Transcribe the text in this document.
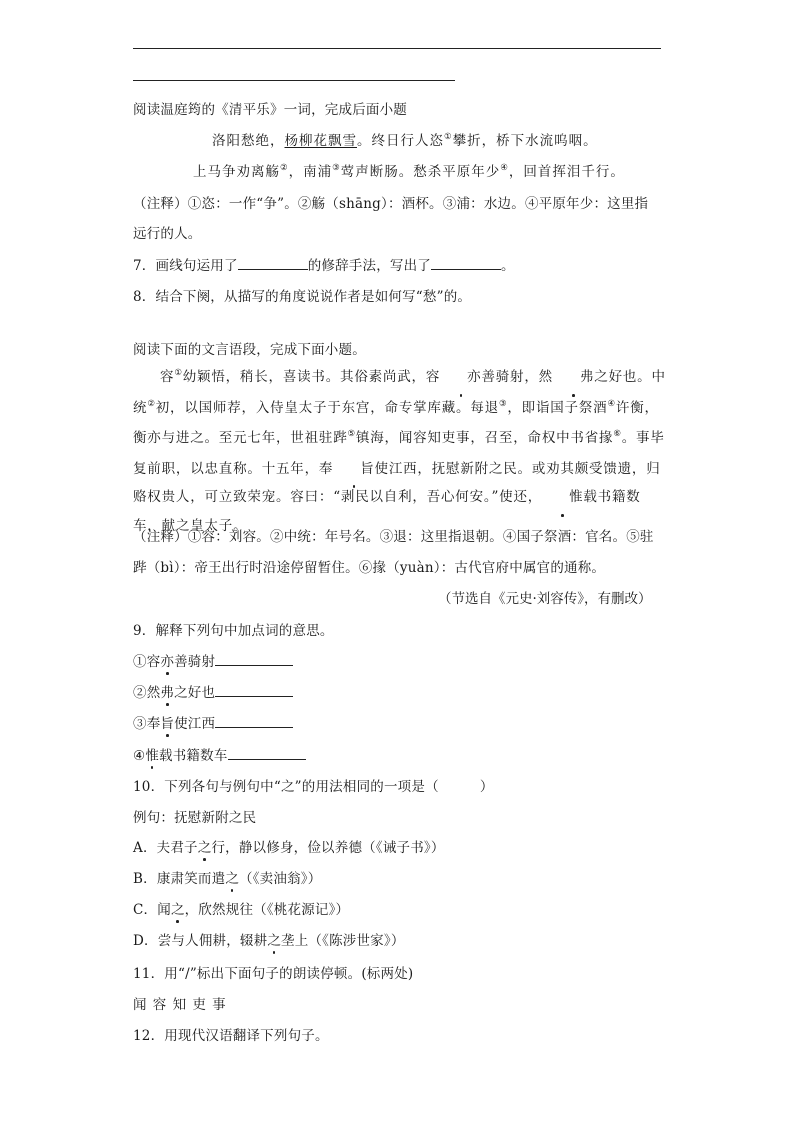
阅读温庭筠的《清平乐》一词，完成后面小题
洛阳愁绝，杨柳花飘雪。终日行人恣①攀折，桥下水流呜咽。
上马争劝离觞②，南浦③莺声断肠。愁杀平原年少④，回首挥泪千行。
（注释）①恣：一作“争”。②觞（shāng）：酒杯。③浦：水边。④平原年少：这里指
远行的人。
7．画线句运用了	的修辞手法，写出了	。
8．结合下阕，从描写的角度说说作者是如何写“愁”的。
阅读下面的文言语段，完成下面小题。

容①幼颖悟，稍长，喜读书。其俗素尚武，容 亦善骑射，然 弗之好也。中统②初，以国师荐，入侍皇太子于东宫，命专掌库藏。每退③，即诣国子祭酒④许衡，衡亦与进之。至元七年，世祖驻跸⑤镇海，闻容知吏事，召至，命权中书省掾⑥。事毕复前职，以忠直称。十五年，奉 旨使江西，抚慰新附之民。或劝其颇受馈遗，归赂权贵人，可立致荣宠。容曰：“剥民以自利，吾心何安。”使还， 惟载书籍数车，献之皇太子。

（注释）①容：刘容。②中统：年号名。③退：这里指退朝。④国子祭酒：官名。⑤驻
跸（bì）：帝王出行时沿途停留暂住。⑥掾（yuàn）：古代官府中属官的通称。
（节选自《元史·刘容传》，有删改）
9．解释下列句中加点词的意思。
①容亦善骑射
②然弗之好也
③奉旨使江西
④惟载书籍数车
10．下列各句与例句中“之”的用法相同的一项是（　　　）
例句：抚慰新附之民
A．夫君子之行，静以修身，俭以养德（《诫子书》）
B．康肃笑而遣之（《卖油翁》）
C．闻之，欣然规往（《桃花源记》）
D．尝与人佣耕，辍耕之垄上（《陈涉世家》）
11．用“/”标出下面句子的朗读停顿。(标两处)
闻 容 知 吏 事
12．用现代汉语翻译下列句子。
